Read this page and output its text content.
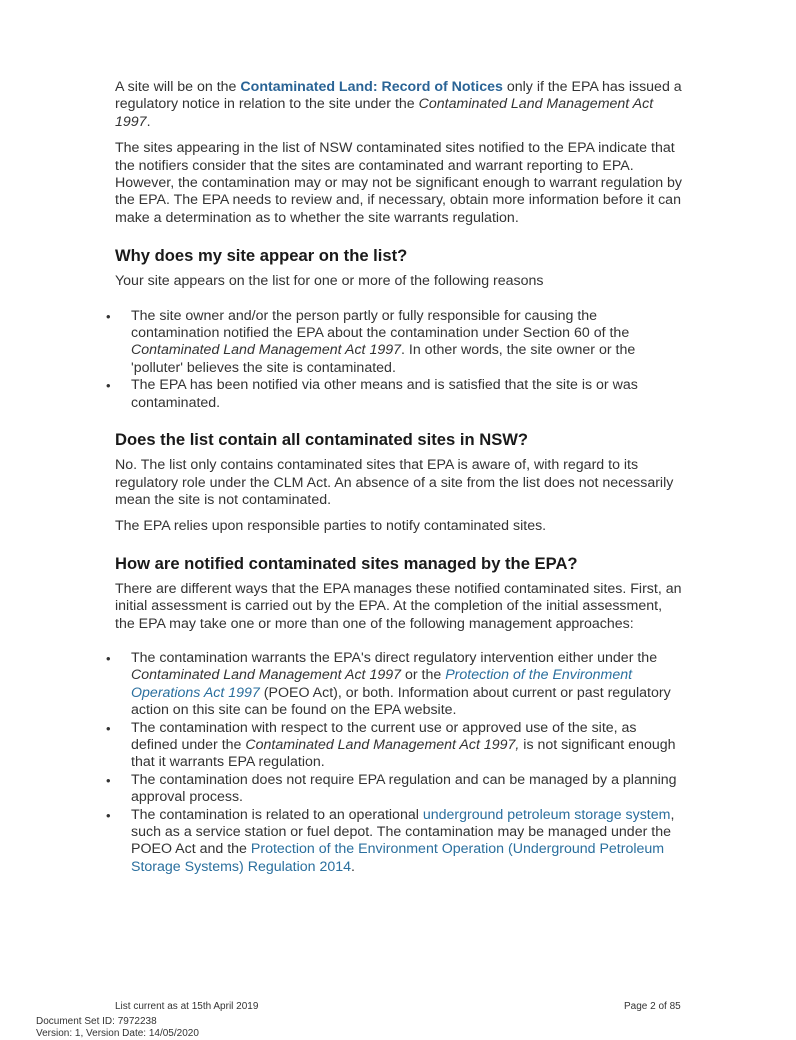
A site will be on the Contaminated Land: Record of Notices only if the EPA has issued a regulatory notice in relation to the site under the Contaminated Land Management Act 1997.

The sites appearing in the list of NSW contaminated sites notified to the EPA indicate that the notifiers consider that the sites are contaminated and warrant reporting to EPA. However, the contamination may or may not be significant enough to warrant regulation by the EPA. The EPA needs to review and, if necessary, obtain more information before it can make a determination as to whether the site warrants regulation.

Why does my site appear on the list?

Your site appears on the list for one or more of the following reasons

• The site owner and/or the person partly or fully responsible for causing the contamination notified the EPA about the contamination under Section 60 of the Contaminated Land Management Act 1997. In other words, the site owner or the 'polluter' believes the site is contaminated.
• The EPA has been notified via other means and is satisfied that the site is or was contaminated.
Does the list contain all contaminated sites in NSW?

No. The list only contains contaminated sites that EPA is aware of, with regard to its regulatory role under the CLM Act. An absence of a site from the list does not necessarily mean the site is not contaminated.

The EPA relies upon responsible parties to notify contaminated sites.

How are notified contaminated sites managed by the EPA?

There are different ways that the EPA manages these notified contaminated sites. First, an initial assessment is carried out by the EPA. At the completion of the initial assessment, the EPA may take one or more than one of the following management approaches:

• The contamination warrants the EPA's direct regulatory intervention either under the Contaminated Land Management Act 1997 or the Protection of the Environment Operations Act 1997 (POEO Act), or both. Information about current or past regulatory action on this site can be found on the EPA website.
• The contamination with respect to the current use or approved use of the site, as defined under the Contaminated Land Management Act 1997, is not significant enough that it warrants EPA regulation.
• The contamination does not require EPA regulation and can be managed by a planning approval process.
• The contamination is related to an operational underground petroleum storage system, such as a service station or fuel depot. The contamination may be managed under the POEO Act and the Protection of the Environment Operation (Underground Petroleum Storage Systems) Regulation 2014.
List current as at 15th April 2019	Page 2 of 85
Document Set ID: 7972238
Version: 1, Version Date: 14/05/2020
